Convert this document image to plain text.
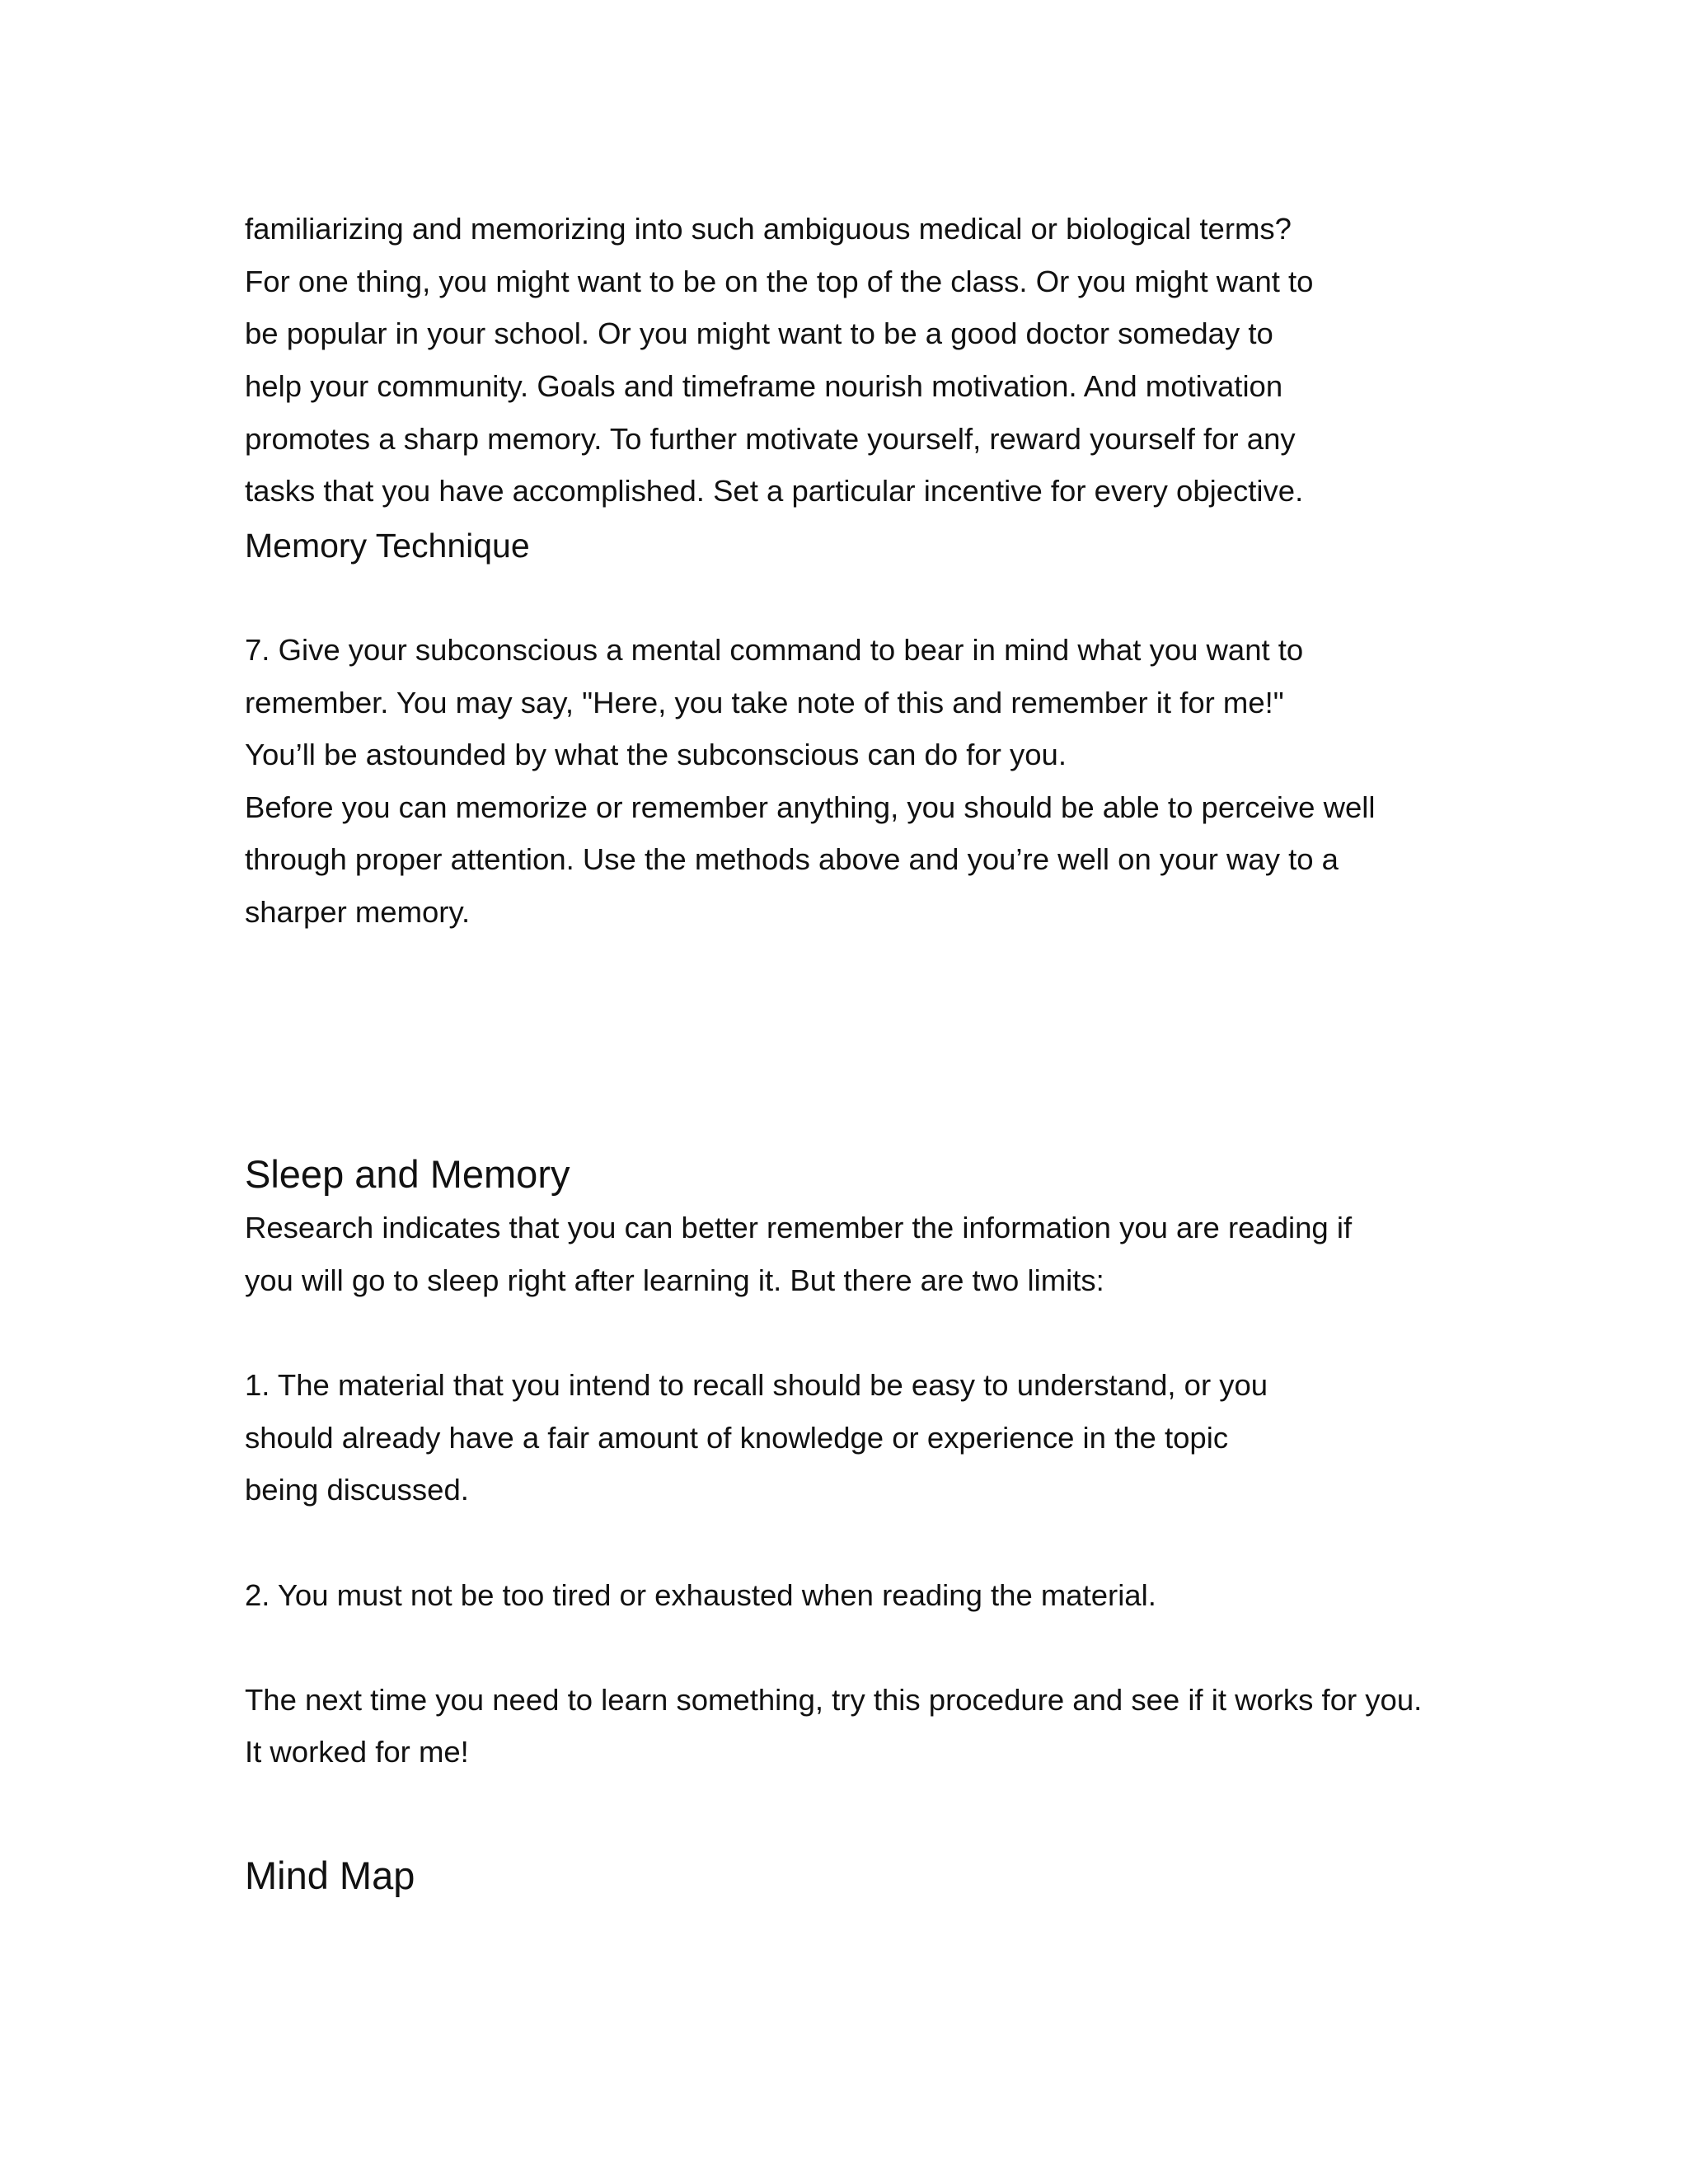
familiarizing and memorizing into such ambiguous medical or biological terms?
For one thing, you might want to be on the top of the class. Or you might want to
be popular in your school. Or you might want to be a good doctor someday to
help your community. Goals and timeframe nourish motivation. And motivation
promotes a sharp memory. To further motivate yourself, reward yourself for any
tasks that you have accomplished. Set a particular incentive for every objective.
Memory Technique
7. Give your subconscious a mental command to bear in mind what you want to
remember. You may say, "Here, you take note of this and remember it for me!"
You’ll be astounded by what the subconscious can do for you.
Before you can memorize or remember anything, you should be able to perceive well
through proper attention. Use the methods above and you’re well on your way to a
sharper memory.
Sleep and Memory
Research indicates that you can better remember the information you are reading if
you will go to sleep right after learning it. But there are two limits:
1. The material that you intend to recall should be easy to understand, or you
should already have a fair amount of knowledge or experience in the topic
being discussed.
2. You must not be too tired or exhausted when reading the material.
The next time you need to learn something, try this procedure and see if it works for you.
It worked for me!
Mind Map
